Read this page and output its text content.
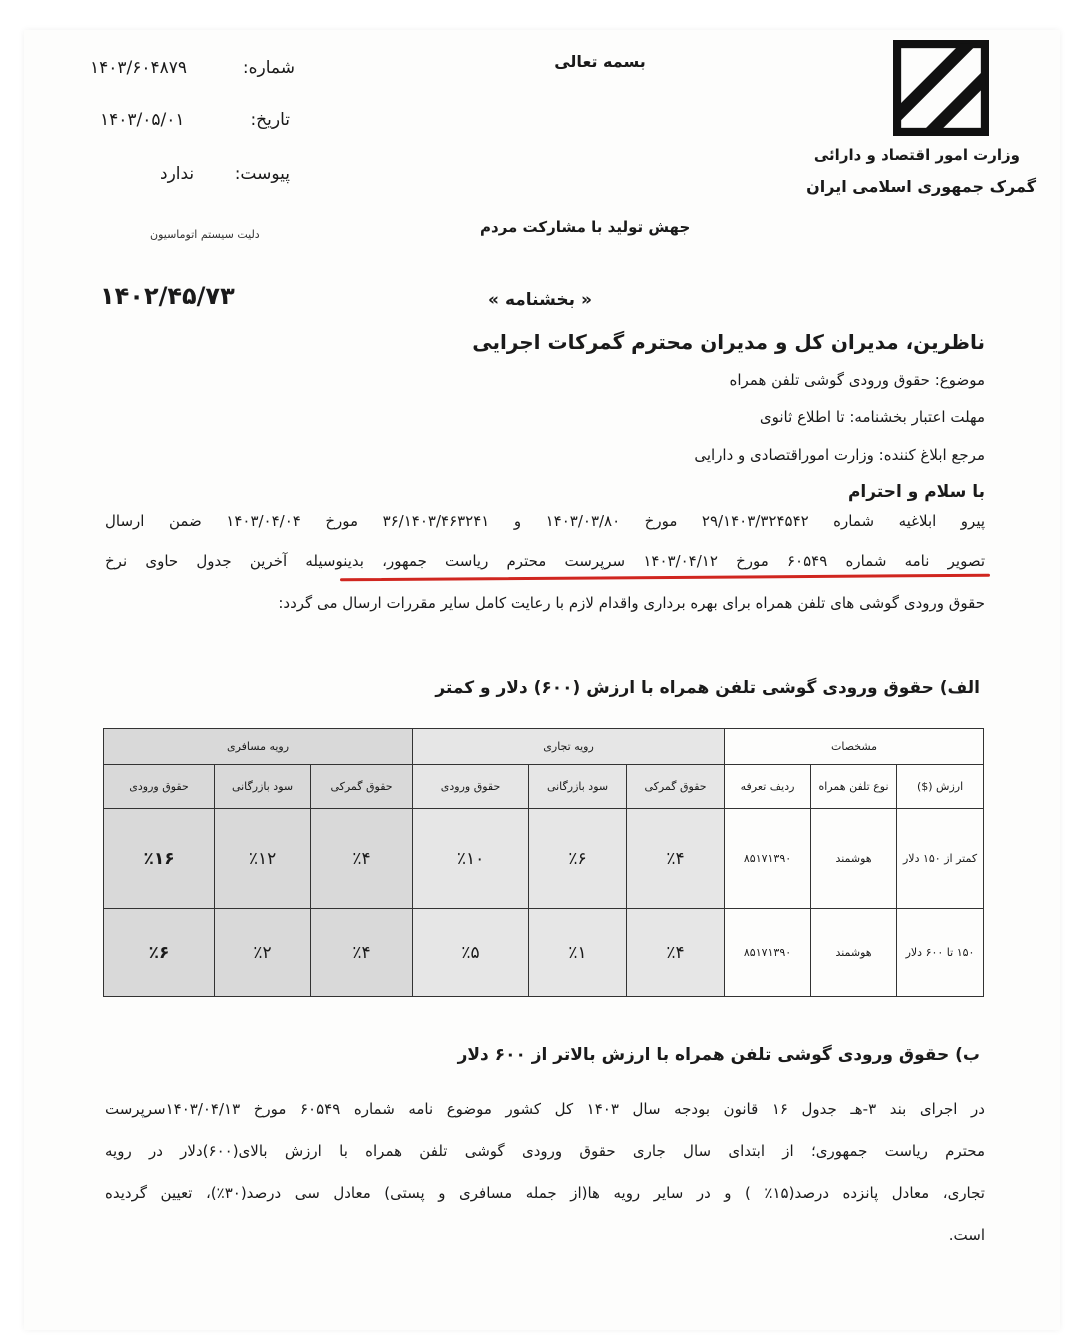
بسمه تعالی
وزارت امور اقتصاد و دارائی
گمرک جمهوری اسلامی ایران
شماره:
۱۴۰۳/۶۰۴۸۷۹
تاریخ:
۱۴۰۳/۰۵/۰۱
پیوست:
ندارد
دلیت سیستم اتوماسیون	جهش تولید با مشارکت مردم
۱۴۰۲/۴۵/۷۳	« بخشنامه »
ناظرین، مدیران کل و مدیران محترم گمرکات اجرایی
موضوع: حقوق ورودی گوشی تلفن همراه
مهلت اعتبار بخشنامه: تا اطلاع ثانوی
مرجع ابلاغ کننده: وزارت اموراقتصادی و دارایی
با سلام و احترام
پیرو ابلاغیه شماره ۲۹/۱۴۰۳/۳۲۴۵۴۲ مورخ ۱۴۰۳/۰۳/۸۰ و ۳۶/۱۴۰۳/۴۶۳۲۴۱ مورخ ۱۴۰۳/۰۴/۰۴ ضمن ارسال
تصویر نامه شماره ۶۰۵۴۹ مورخ ۱۴۰۳/۰۴/۱۲ سرپرست محترم ریاست جمهور، بدینوسیله آخرین جدول حاوی نرخ
حقوق ورودی گوشی های تلفن همراه برای بهره برداری واقدام لازم با رعایت کامل سایر مقررات ارسال می گردد:
الف) حقوق ورودی گوشی تلفن همراه با ارزش (۶۰۰) دلار و کمتر
مشخصات			رویه تجاری			رویه مسافری		
ارزش ($)	نوع تلفن همراه	ردیف تعرفه	حقوق گمرکی	سود بازرگانی	حقوق ورودی	حقوق گمرکی	سود بازرگانی	حقوق ورودی
کمتر از ۱۵۰ دلار	هوشمند	۸۵۱۷۱۳۹۰	٪۴	٪۶	٪۱۰	٪۴	٪۱۲	٪۱۶
۱۵۰ تا ۶۰۰ دلار	هوشمند	۸۵۱۷۱۳۹۰	٪۴	٪۱	٪۵	٪۴	٪۲	٪۶
ب) حقوق ورودی گوشی تلفن همراه با ارزش بالاتر از ۶۰۰ دلار
در اجرای بند ۳-هـ جدول ۱۶ قانون بودجه سال ۱۴۰۳ کل کشور موضوع نامه شماره ۶۰۵۴۹ مورخ ۱۴۰۳/۰۴/۱۳سرپرست
محترم ریاست جمهوری؛ از ابتدای سال جاری حقوق ورودی گوشی تلفن همراه با ارزش بالای(۶۰۰)دلار در رویه
تجاری، معادل پانزده درصد(۱۵٪ ) و در سایر رویه ها(از جمله مسافری و پستی) معادل سی درصد(۳۰٪)، تعیین گردیده
است.
